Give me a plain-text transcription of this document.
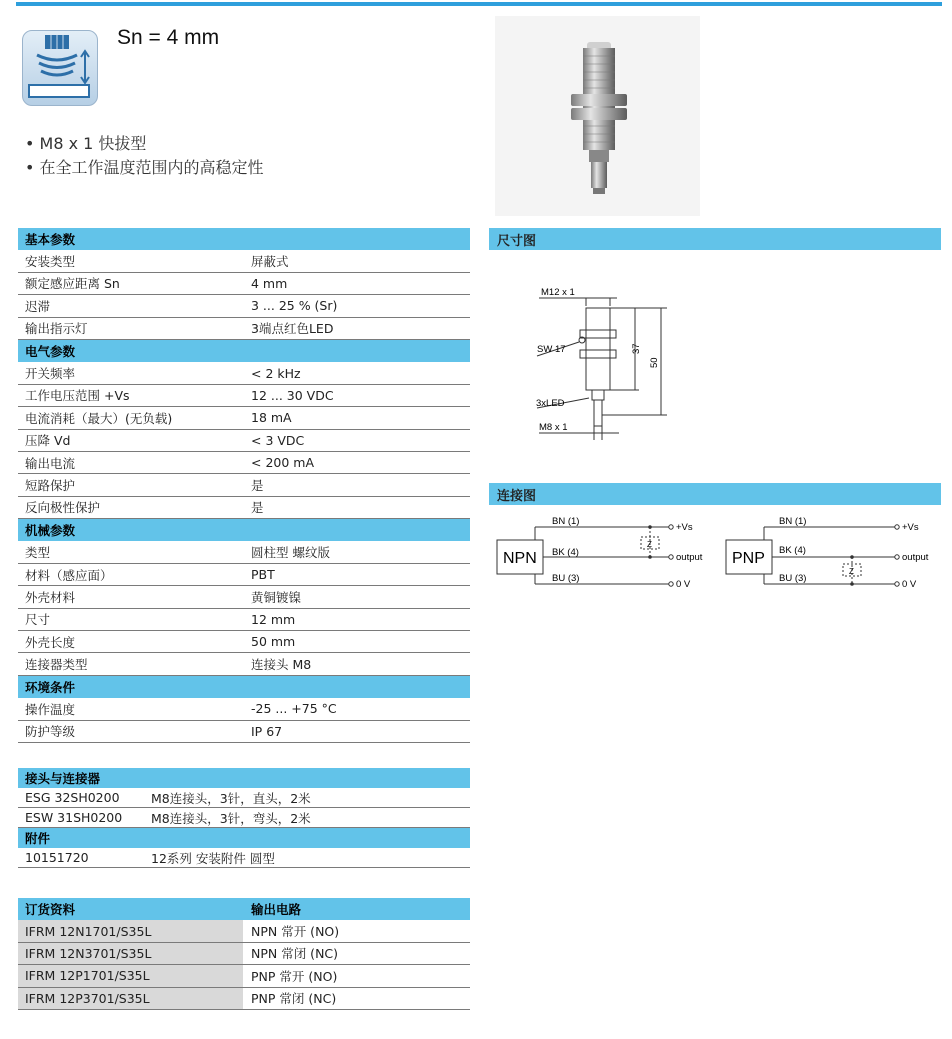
Sn = 4 mm
• M8 x 1 快拔型
• 在全工作温度范围内的高稳定性
基本参数
安装类型	屏蔽式
额定感应距离 Sn	4 mm
迟滞	3 ... 25 % (Sr)
输出指示灯	3端点红色LED
电气参数
开关频率	< 2 kHz
工作电压范围 +Vs	12 ... 30 VDC
电流消耗（最大）(无负载)	18 mA
压降 Vd	< 3 VDC
输出电流	< 200 mA
短路保护	是
反向极性保护	是
机械参数
类型	圆柱型 螺纹版
材料（感应面）	PBT
外壳材料	黄铜镀镍
尺寸	12 mm
外壳长度	50 mm
连接器类型	连接头 M8
环境条件
操作温度	-25 ... +75 °C
防护等级	IP 67
接头与连接器
ESG 32SH0200	M8连接头，3针，直头，2米
ESW 31SH0200	M8连接头，3针，弯头，2米
附件
10151720	12系列 安装附件 圆型
订货资料	输出电路
IFRM 12N1701/S35L	NPN 常开 (NO)
IFRM 12N3701/S35L	NPN 常闭 (NC)
IFRM 12P1701/S35L	PNP 常开 (NO)
IFRM 12P3701/S35L	PNP 常闭 (NC)
尺寸图
M12 x 1
SW 17
3xLED
M8 x 1
37
50
连接图
NPN
BN (1)
BK (4)
BU (3)
+Vs
output
0 V
Z
PNP
BN (1)
BK (4)
BU (3)
+Vs
output
0 V
Z
